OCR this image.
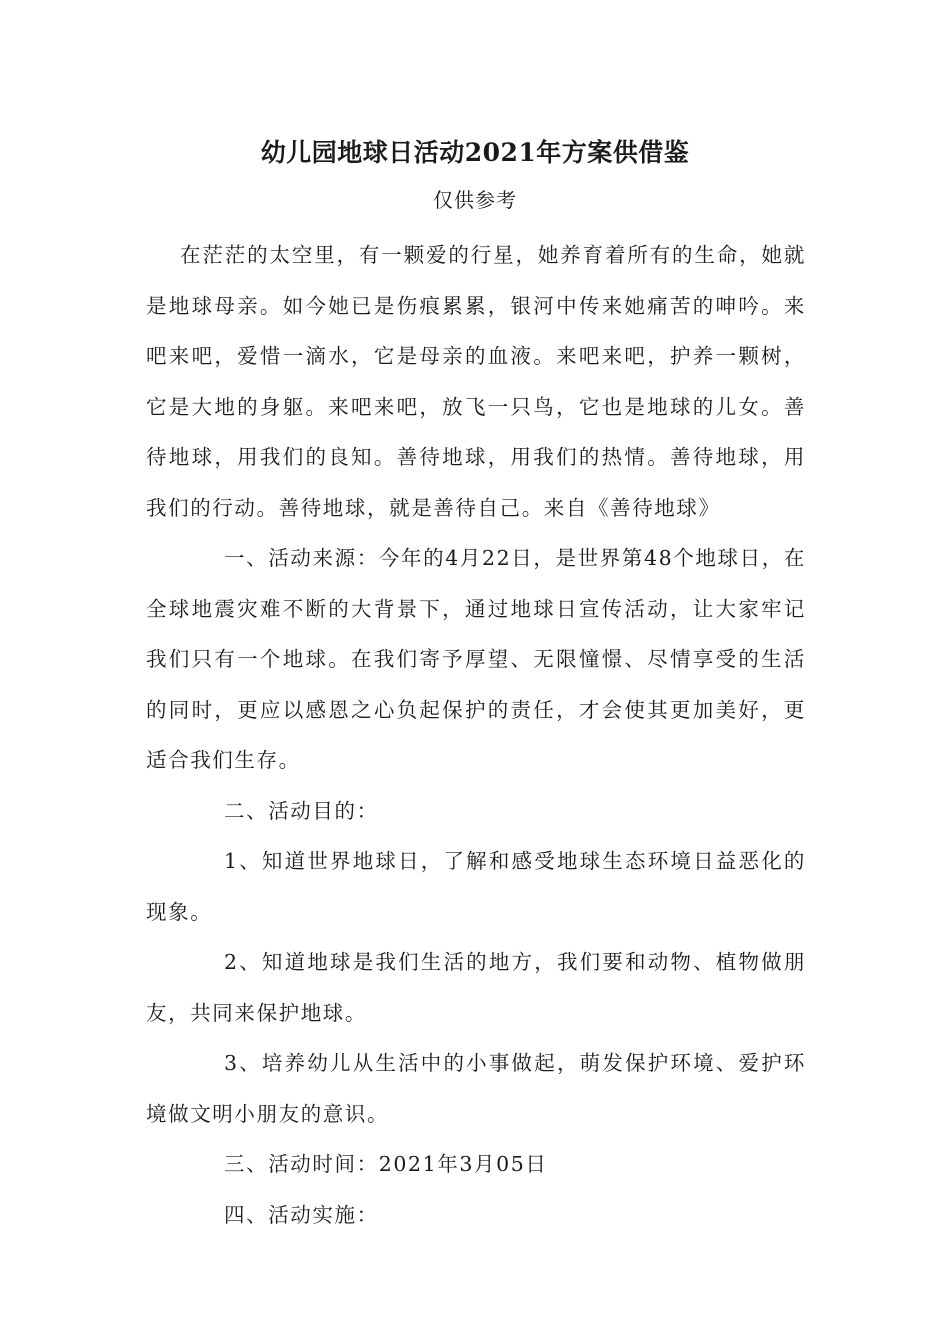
幼儿园地球日活动2021年方案供借鉴
仅供参考

在茫茫的太空里，有一颗爱的行星，她养育着所有的生命，她就是地球母亲。如今她已是伤痕累累，银河中传来她痛苦的呻吟。来吧来吧，爱惜一滴水，它是母亲的血液。来吧来吧，护养一颗树，它是大地的身躯。来吧来吧，放飞一只鸟，它也是地球的儿女。善待地球，用我们的良知。善待地球，用我们的热情。善待地球，用我们的行动。善待地球，就是善待自己。来自《善待地球》

一、活动来源：今年的4月22日，是世界第48个地球日，在全球地震灾难不断的大背景下，通过地球日宣传活动，让大家牢记我们只有一个地球。在我们寄予厚望、无限憧憬、尽情享受的生活的同时，更应以感恩之心负起保护的责任，才会使其更加美好，更适合我们生存。

二、活动目的：

1、知道世界地球日，了解和感受地球生态环境日益恶化的现象。

2、知道地球是我们生活的地方，我们要和动物、植物做朋友，共同来保护地球。

3、培养幼儿从生活中的小事做起，萌发保护环境、爱护环境做文明小朋友的意识。

三、活动时间：2021年3月05日

四、活动实施：
